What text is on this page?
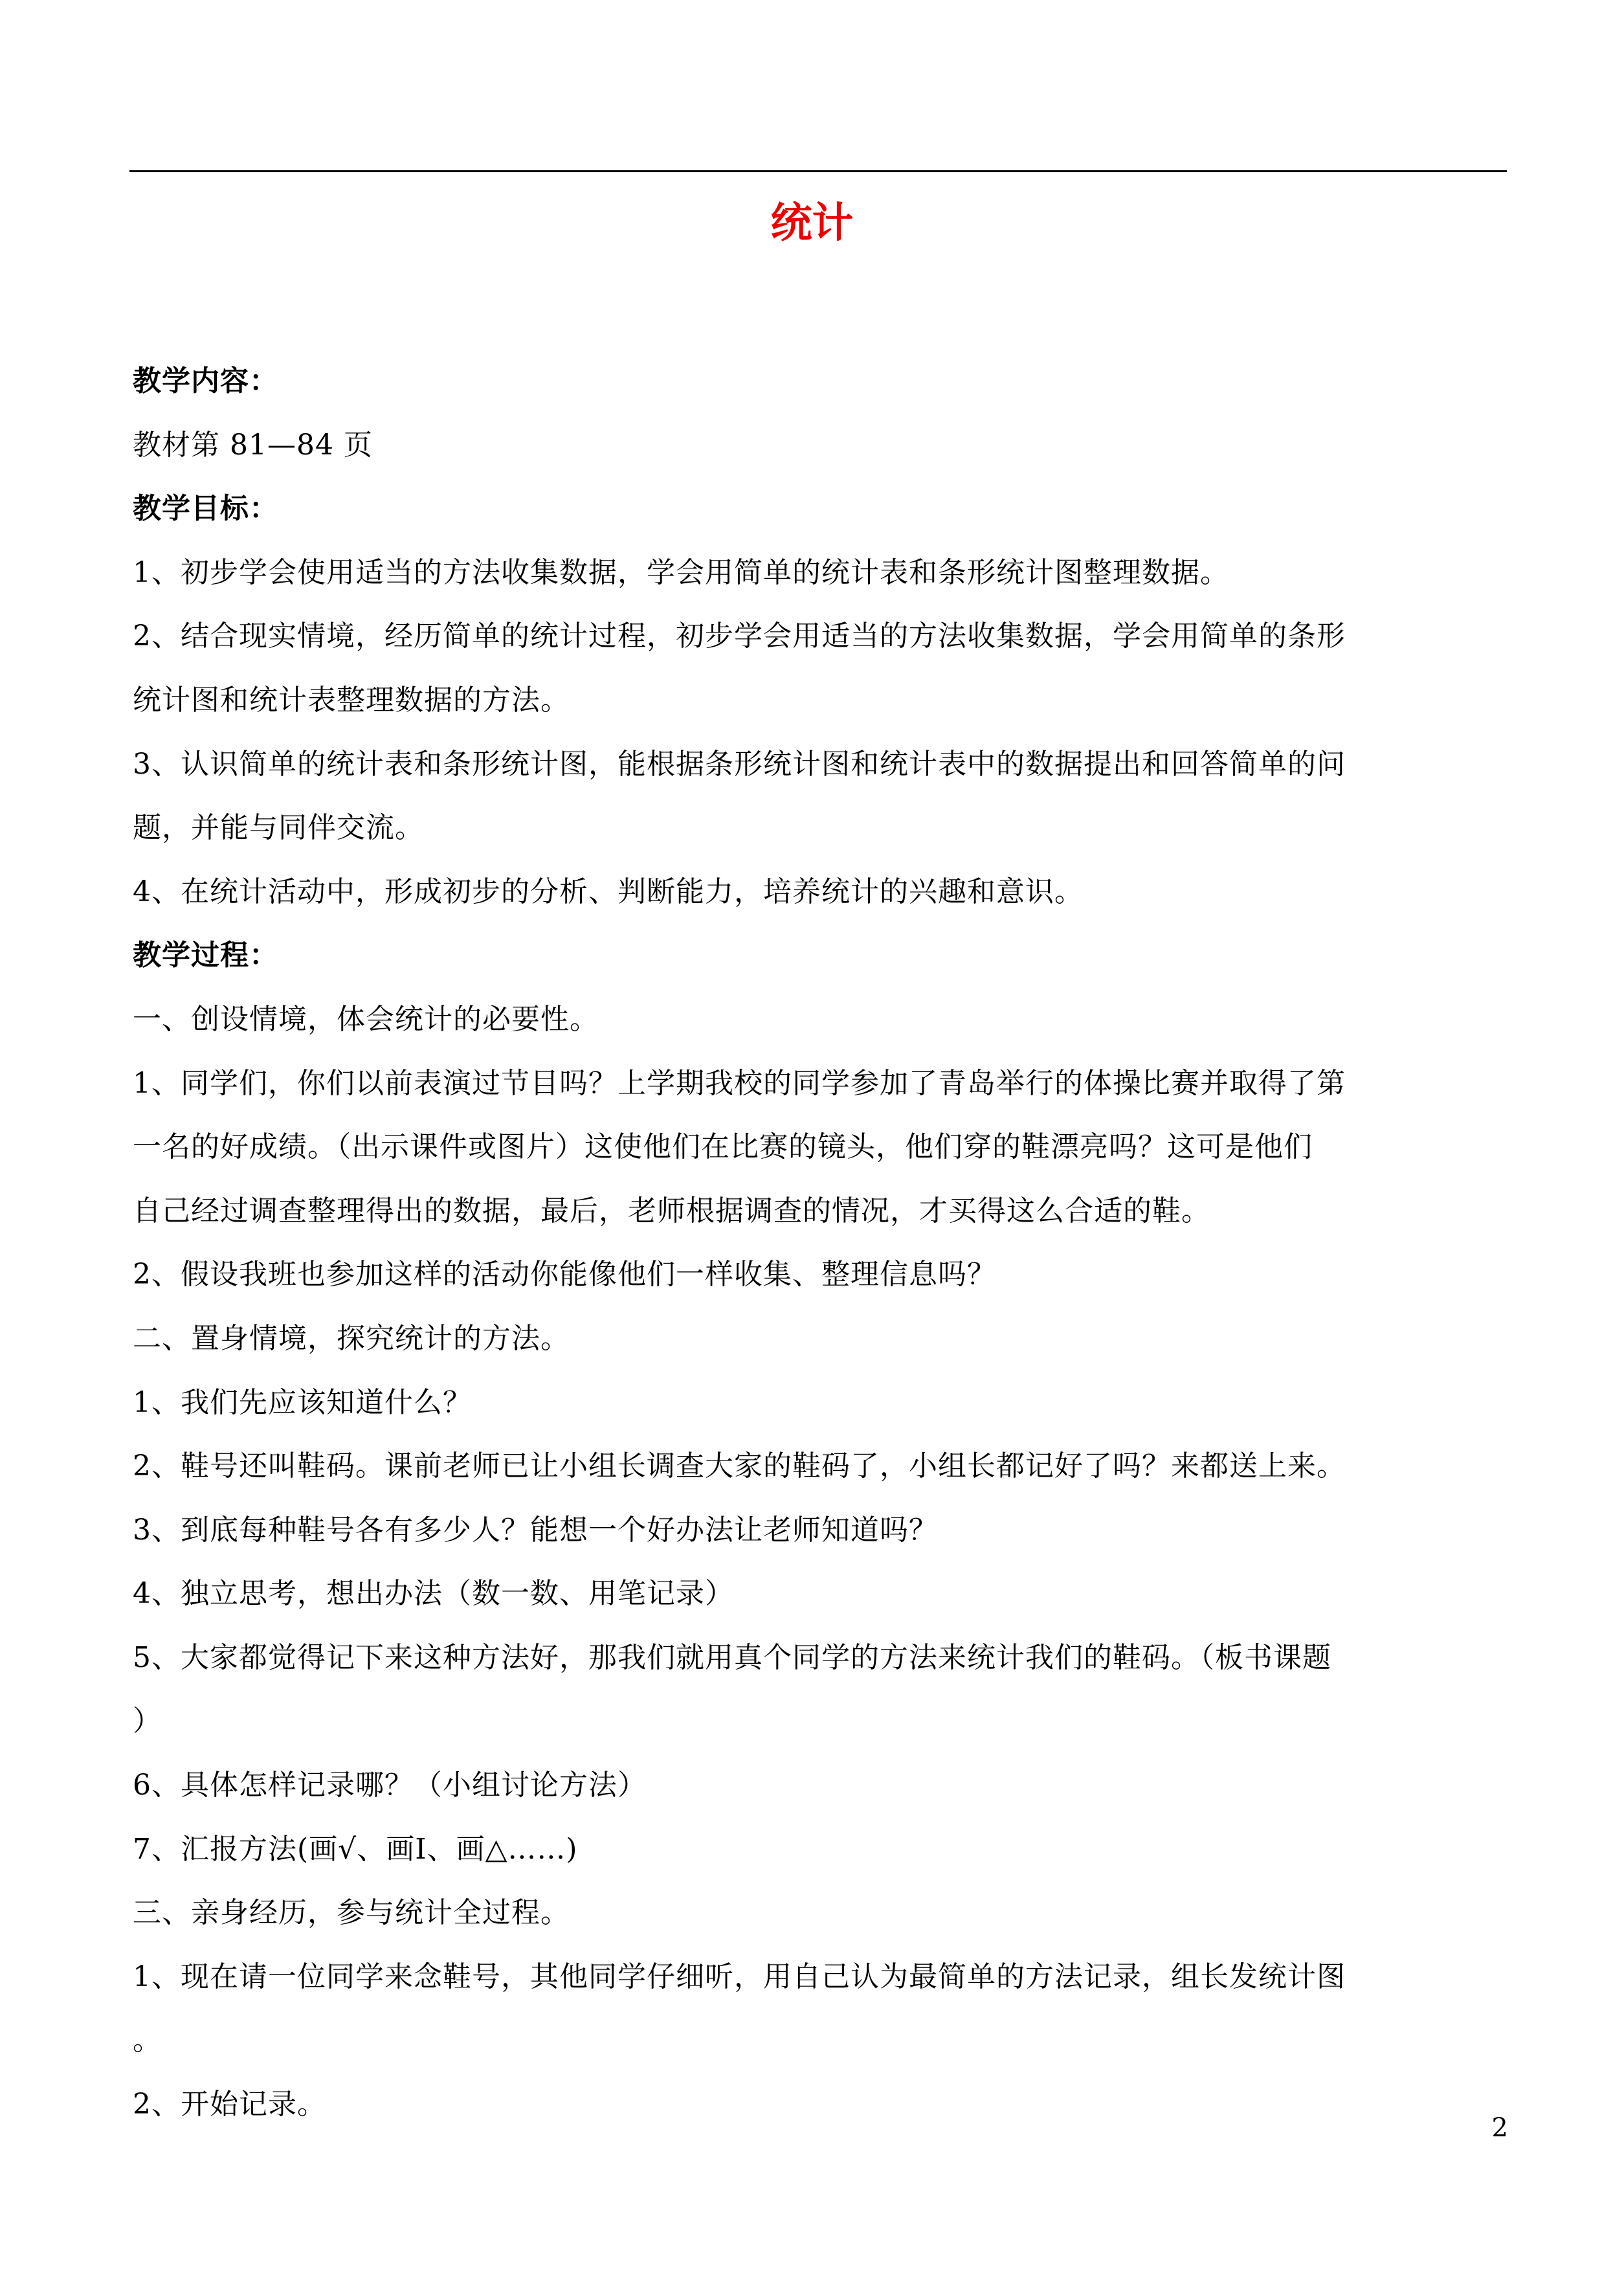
统计
教学内容：
教材第 81—84 页
教学目标：
1、初步学会使用适当的方法收集数据，学会用简单的统计表和条形统计图整理数据。
2、结合现实情境，经历简单的统计过程，初步学会用适当的方法收集数据，学会用简单的条形
统计图和统计表整理数据的方法。
3、认识简单的统计表和条形统计图，能根据条形统计图和统计表中的数据提出和回答简单的问
题，并能与同伴交流。
4、在统计活动中，形成初步的分析、判断能力，培养统计的兴趣和意识。
教学过程：
一、创设情境，体会统计的必要性。
1、同学们，你们以前表演过节目吗？上学期我校的同学参加了青岛举行的体操比赛并取得了第
一名的好成绩。（出示课件或图片）这使他们在比赛的镜头，他们穿的鞋漂亮吗？这可是他们
自己经过调查整理得出的数据，最后，老师根据调查的情况，才买得这么合适的鞋。
2、假设我班也参加这样的活动你能像他们一样收集、整理信息吗？
二、置身情境，探究统计的方法。
1、我们先应该知道什么？
2、鞋号还叫鞋码。课前老师已让小组长调查大家的鞋码了，小组长都记好了吗？来都送上来。
3、到底每种鞋号各有多少人？能想一个好办法让老师知道吗？
4、独立思考，想出办法（数一数、用笔记录）
5、大家都觉得记下来这种方法好，那我们就用真个同学的方法来统计我们的鞋码。（板书课题
）
6、具体怎样记录哪？（小组讨论方法）
7、汇报方法(画√、画Ⅰ、画△……)
三、亲身经历，参与统计全过程。
1、现在请一位同学来念鞋号，其他同学仔细听，用自己认为最简单的方法记录，组长发统计图
。
2、开始记录。
2
